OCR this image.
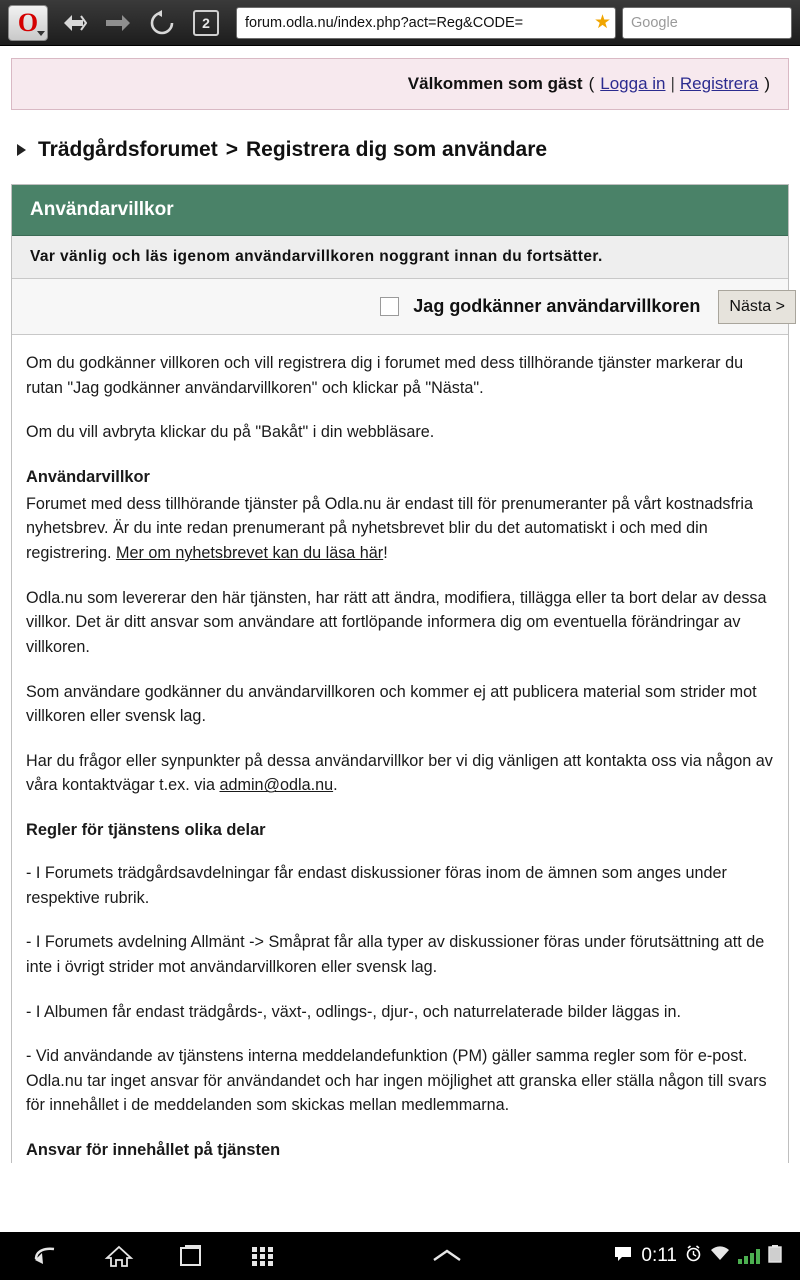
O	2	forum.odla.nu/index.php?act=Reg&CODE=	★ Google
Välkommen som gäst ( Logga in | Registrera )
Trädgårdsforumet > Registrera dig som användare
Användarvillkor
Var vänlig och läs igenom användarvillkoren noggrant innan du fortsätter.
Jag godkänner användarvillkoren	Nästa >

Om du godkänner villkoren och vill registrera dig i forumet med dess tillhörande tjänster markerar du rutan "Jag godkänner användarvillkoren" och klickar på "Nästa".

Om du vill avbryta klickar du på "Bakåt" i din webbläsare.

Användarvillkor

Forumet med dess tillhörande tjänster på Odla.nu är endast till för prenumeranter på vårt kostnadsfria nyhetsbrev. Är du inte redan prenumerant på nyhetsbrevet blir du det automatiskt i och med din registrering. Mer om nyhetsbrevet kan du läsa här!

Odla.nu som levererar den här tjänsten, har rätt att ändra, modifiera, tillägga eller ta bort delar av dessa villkor. Det är ditt ansvar som användare att fortlöpande informera dig om eventuella förändringar av villkoren.

Som användare godkänner du användarvillkoren och kommer ej att publicera material som strider mot villkoren eller svensk lag.

Har du frågor eller synpunkter på dessa användarvillkor ber vi dig vänligen att kontakta oss via någon av våra kontaktvägar t.ex. via admin@odla.nu.

Regler för tjänstens olika delar

- I Forumets trädgårdsavdelningar får endast diskussioner föras inom de ämnen som anges under respektive rubrik.

- I Forumets avdelning Allmänt -> Småprat får alla typer av diskussioner föras under förutsättning att de inte i övrigt strider mot användarvillkoren eller svensk lag.

- I Albumen får endast trädgårds-, växt-, odlings-, djur-, och naturrelaterade bilder läggas in.

- Vid användande av tjänstens interna meddelandefunktion (PM) gäller samma regler som för e-post. Odla.nu tar inget ansvar för användandet och har ingen möjlighet att granska eller ställa någon till svars för innehållet i de meddelanden som skickas mellan medlemmarna.

Ansvar för innehållet på tjänsten
0:11
